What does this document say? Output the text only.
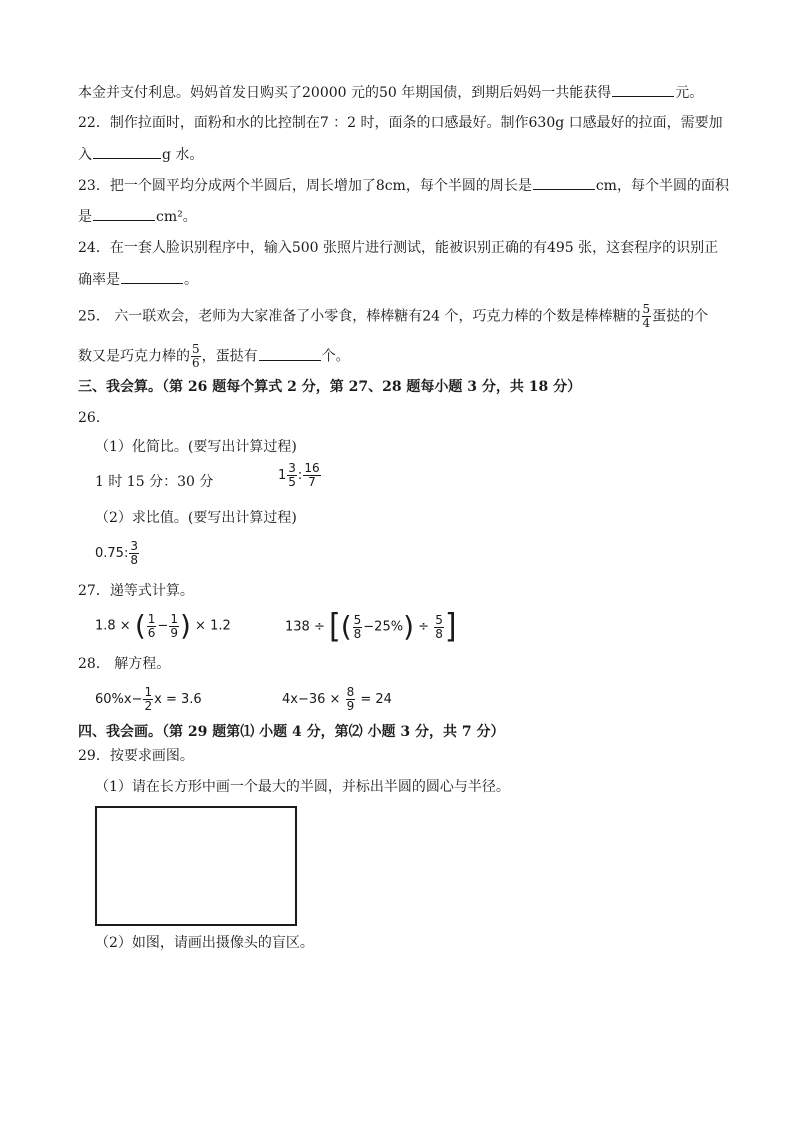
本金并支付利息。妈妈首发日购买了20000 元的50 年期国债，到期后妈妈一共能获得	元。
22．制作拉面时，面粉和水的比控制在7 ：2 时，面条的口感最好。制作630g 口感最好的拉面，需要加
入	g 水。
23．把一个圆平均分成两个半圆后，周长增加了8cm，每个半圆的周长是	cm，每个半圆的面积
是	cm²。
24．在一套人脸识别程序中，输入500 张照片进行测试，能被识别正确的有495 张，这套程序的识别正
确率是	。
25． 六一联欢会，老师为大家准备了小零食，棒棒糖有24 个，巧克力棒的个数是棒棒糖的 $\frac{5}{4}$ 蛋挞的个
数又是巧克力棒的 $\frac{5}{6}$ ，蛋挞有	个。
三、我会算。（第 26 题每个算式 2 分，第 27、28 题每小题 3 分，共 18 分）
26．
（1）化简比。(要写出计算过程)
1 时 15 分：30 分	$1 \frac{3}{5}$ : $\frac{16}{7}$
（2）求比值。(要写出计算过程)
0.75: $\frac{3}{8}$
27．递等式计算。
1.8 × ( $\frac{1}{6} - \frac{1}{9}$ ) × 1.2	138 ÷ [( $\frac{5}{8} -25\%) \div \frac{5}{8}$ ]
28． 解方程。
$60\%x- \frac{1}{2}$ x = 3.6	$4x-36 \times \frac{8}{9} = 24$
四、我会画。（第 29 题第⑴ 小题 4 分，第⑵ 小题 3 分，共 7 分）
29．按要求画图。
（1）请在长方形中画一个最大的半圆，并标出半圆的圆心与半径。
（2）如图，请画出摄像头的盲区。
